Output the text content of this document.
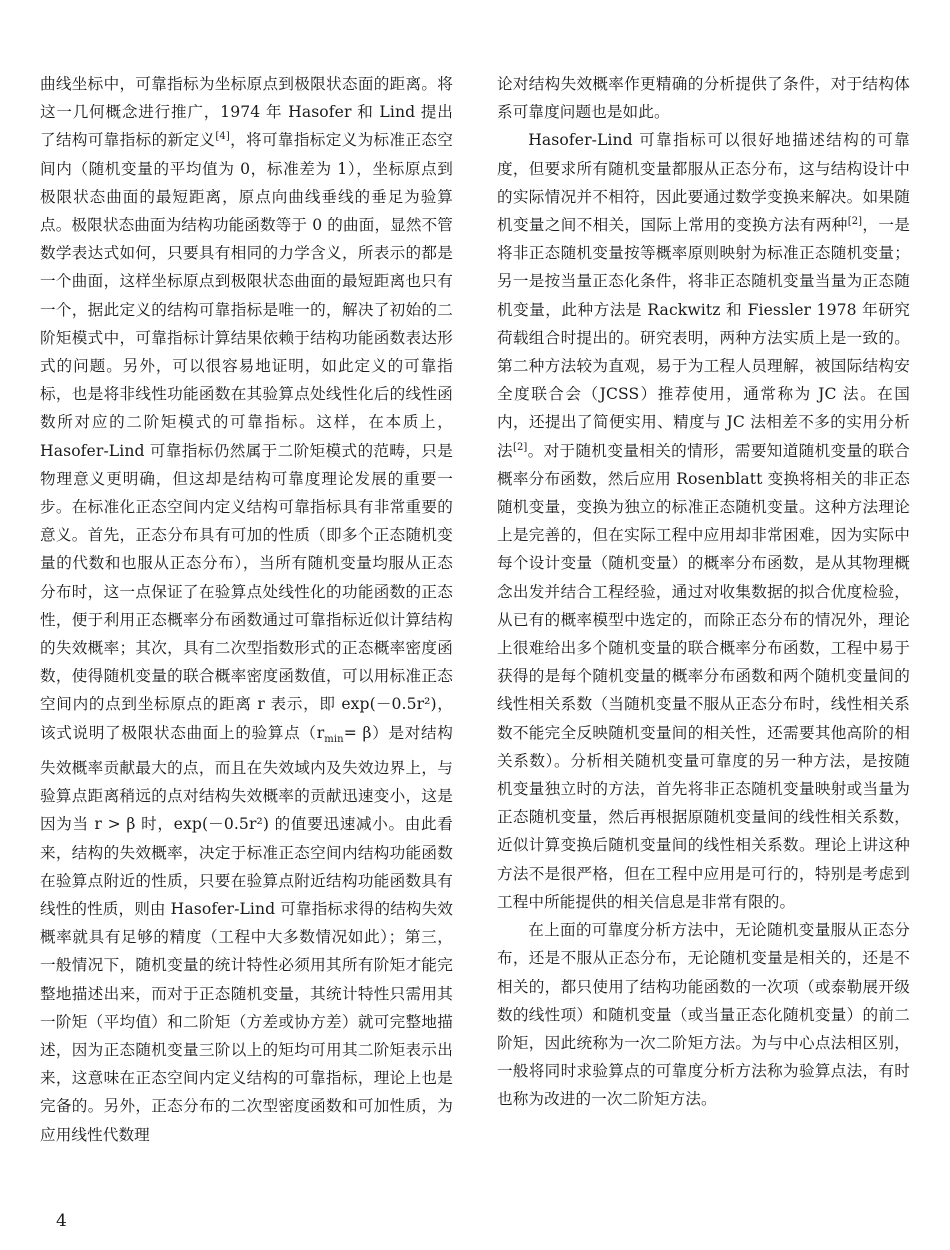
曲线坐标中，可靠指标为坐标原点到极限状态面的距离。将这一几何概念进行推广，1974 年 Hasofer 和 Lind 提出了结构可靠指标的新定义[4]，将可靠指标定义为标准正态空间内（随机变量的平均值为 0，标准差为 1），坐标原点到极限状态曲面的最短距离，原点向曲线垂线的垂足为验算点。极限状态曲面为结构功能函数等于 0 的曲面，显然不管数学表达式如何，只要具有相同的力学含义，所表示的都是一个曲面，这样坐标原点到极限状态曲面的最短距离也只有一个，据此定义的结构可靠指标是唯一的，解决了初始的二阶矩模式中，可靠指标计算结果依赖于结构功能函数表达形式的问题。另外，可以很容易地证明，如此定义的可靠指标，也是将非线性功能函数在其验算点处线性化后的线性函数所对应的二阶矩模式的可靠指标。这样，在本质上，Hasofer-Lind 可靠指标仍然属于二阶矩模式的范畴，只是物理意义更明确，但这却是结构可靠度理论发展的重要一步。在标准化正态空间内定义结构可靠指标具有非常重要的意义。首先，正态分布具有可加的性质（即多个正态随机变量的代数和也服从正态分布），当所有随机变量均服从正态分布时，这一点保证了在验算点处线性化的功能函数的正态性，便于利用正态概率分布函数通过可靠指标近似计算结构的失效概率；其次，具有二次型指数形式的正态概率密度函数，使得随机变量的联合概率密度函数值，可以用标准正态空间内的点到坐标原点的距离 r 表示，即 exp(－0.5r²)，该式说明了极限状态曲面上的验算点$(r_{min}= \beta)$是对结构失效概率贡献最大的点，而且在失效域内及失效边界上，与验算点距离稍远的点对结构失效概率的贡献迅速变小，这是因为当 r > β 时，exp(－0.5r²) 的值要迅速减小。由此看来，结构的失效概率，决定于标准正态空间内结构功能函数在验算点附近的性质，只要在验算点附近结构功能函数具有线性的性质，则由 Hasofer-Lind 可靠指标求得的结构失效概率就具有足够的精度（工程中大多数情况如此）；第三，一般情况下，随机变量的统计特性必须用其所有阶矩才能完整地描述出来，而对于正态随机变量，其统计特性只需用其一阶矩（平均值）和二阶矩（方差或协方差）就可完整地描述，因为正态随机变量三阶以上的矩均可用其二阶矩表示出来，这意味在正态空间内定义结构的可靠指标，理论上也是完备的。另外，正态分布的二次型密度函数和可加性质，为应用线性代数理

论对结构失效概率作更精确的分析提供了条件，对于结构体系可靠度问题也是如此。

Hasofer-Lind 可靠指标可以很好地描述结构的可靠度，但要求所有随机变量都服从正态分布，这与结构设计中的实际情况并不相符，因此要通过数学变换来解决。如果随机变量之间不相关，国际上常用的变换方法有两种[2]，一是将非正态随机变量按等概率原则映射为标准正态随机变量；另一是按当量正态化条件，将非正态随机变量当量为正态随机变量，此种方法是 Rackwitz 和 Fiessler 1978 年研究荷载组合时提出的。研究表明，两种方法实质上是一致的。第二种方法较为直观，易于为工程人员理解，被国际结构安全度联合会（JCSS）推荐使用，通常称为 JC 法。在国内，还提出了简便实用、精度与 JC 法相差不多的实用分析法[2]。对于随机变量相关的情形，需要知道随机变量的联合概率分布函数，然后应用 Rosenblatt 变换将相关的非正态随机变量，变换为独立的标准正态随机变量。这种方法理论上是完善的，但在实际工程中应用却非常困难，因为实际中每个设计变量（随机变量）的概率分布函数，是从其物理概念出发并结合工程经验，通过对收集数据的拟合优度检验，从已有的概率模型中选定的，而除正态分布的情况外，理论上很难给出多个随机变量的联合概率分布函数，工程中易于获得的是每个随机变量的概率分布函数和两个随机变量间的线性相关系数（当随机变量不服从正态分布时，线性相关系数不能完全反映随机变量间的相关性，还需要其他高阶的相关系数）。分析相关随机变量可靠度的另一种方法，是按随机变量独立时的方法，首先将非正态随机变量映射或当量为正态随机变量，然后再根据原随机变量间的线性相关系数，近似计算变换后随机变量间的线性相关系数。理论上讲这种方法不是很严格，但在工程中应用是可行的，特别是考虑到工程中所能提供的相关信息是非常有限的。

在上面的可靠度分析方法中，无论随机变量服从正态分布，还是不服从正态分布，无论随机变量是相关的，还是不相关的，都只使用了结构功能函数的一次项（或泰勒展开级数的线性项）和随机变量（或当量正态化随机变量）的前二阶矩，因此统称为一次二阶矩方法。为与中心点法相区别，一般将同时求验算点的可靠度分析方法称为验算点法，有时也称为改进的一次二阶矩方法。

4
